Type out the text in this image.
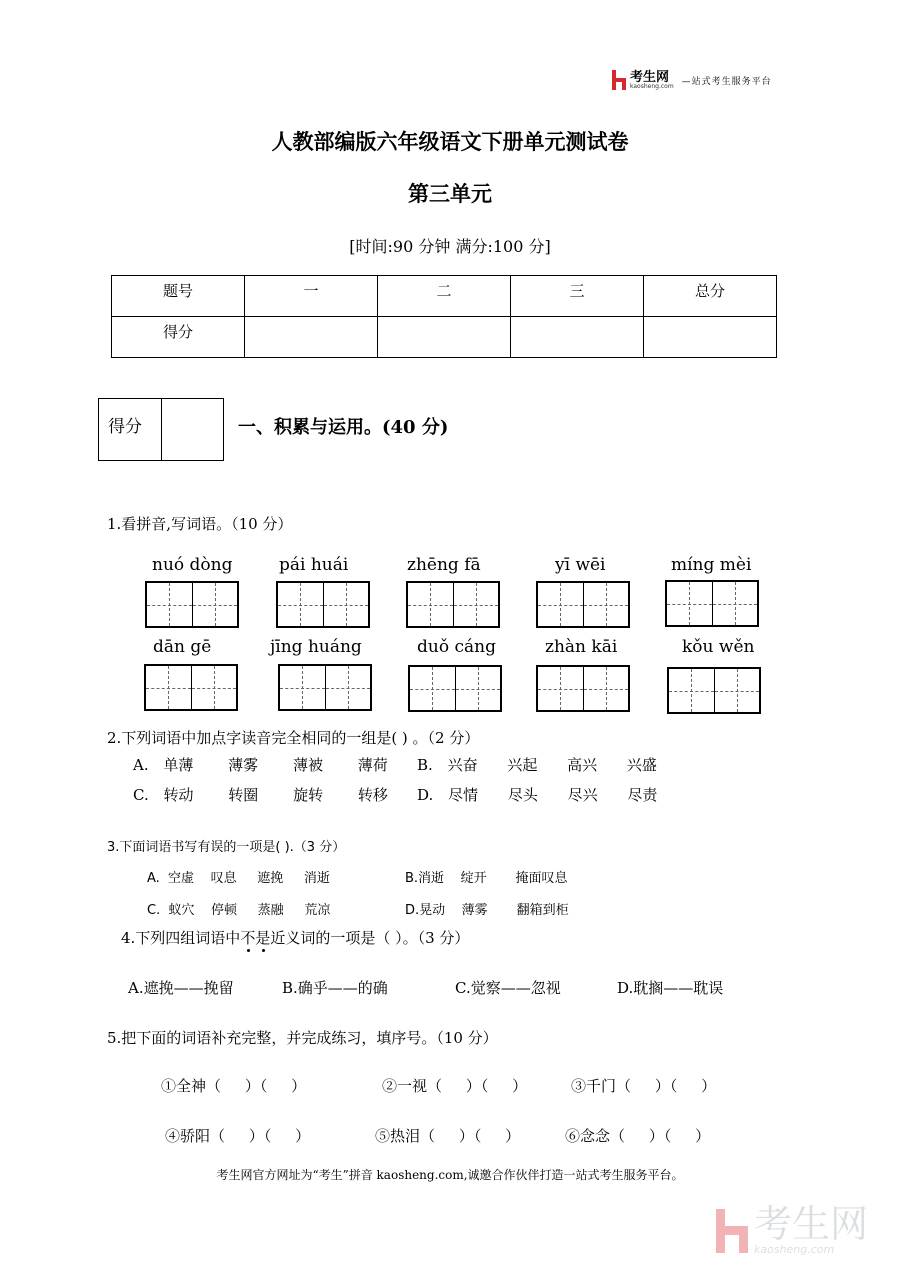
考生网
kaosheng.com —站式考生服务平台
人教部编版六年级语文下册单元测试卷
第三单元
[时间:90 分钟 满分:100 分]
题号	一	二	三	总分
得分				
得分	一、积累与运用。(40 分)
1.看拼音,写词语。（10 分）
nuó dòng	pái huái	zhēng fā	yī wēi	míng mèi
dān gē	jīng huáng	duǒ cáng	zhàn kāi	kǒu wěn
2.下列词语中加点字读音完全相同的一组是( ) 。（2 分）
A. 单薄 薄雾 薄被 薄荷	B. 兴奋 兴起 高兴 兴盛
C. 转动 转圈 旋转 转移	D. 尽情 尽头 尽兴 尽责
3.下面词语书写有误的一项是( ).（3 分）
A.  空虚    叹息     遮挽     消逝	B.消逝    绽开       掩面叹息
C.  蚁穴    停顿     蒸融     荒凉	D.晃动    薄雾       翻箱到柜
4.下列四组词语中不是近义词的一项是（ ）。（3 分）
A.遮挽——挽留	B.确乎——的确	C.觉察——忽视	D.耽搁——耽误
5.把下面的词语补充完整，并完成练习，填序号。（10 分）
①全神（     ）（     ）	②一视（     ）（     ）	③千门（     ）（     ）
④骄阳（     ）（     ）	⑤热泪（     ）（     ）	⑥念念（     ）（     ）
考生网官方网址为“考生”拼音 kaosheng.com,诚邀合作伙伴打造一站式考生服务平台。
考生网
kaosheng.com
